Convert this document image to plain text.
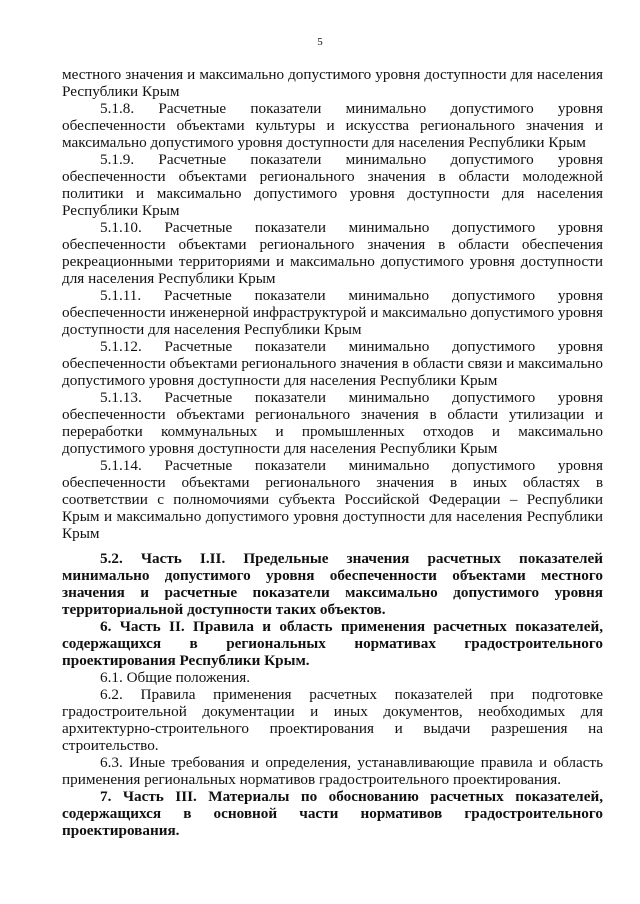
5

местного значения и максимально допустимого уровня доступности для населения Республики Крым

5.1.8. Расчетные показатели минимально допустимого уровня обеспеченности объектами культуры и искусства регионального значения и максимально допустимого уровня доступности для населения Республики Крым

5.1.9. Расчетные показатели минимально допустимого уровня обеспеченности объектами регионального значения в области молодежной политики и максимально допустимого уровня доступности для населения Республики Крым

5.1.10. Расчетные показатели минимально допустимого уровня обеспеченности объектами регионального значения в области обеспечения рекреационными территориями и максимально допустимого уровня доступности для населения Республики Крым

5.1.11. Расчетные показатели минимально допустимого уровня обеспеченности инженерной инфраструктурой и максимально допустимого уровня доступности для населения Республики Крым

5.1.12. Расчетные показатели минимально допустимого уровня обеспеченности объектами регионального значения в области связи и максимально допустимого уровня доступности для населения Республики Крым

5.1.13. Расчетные показатели минимально допустимого уровня обеспеченности объектами регионального значения в области утилизации и переработки коммунальных и промышленных отходов и максимально допустимого уровня доступности для населения Республики Крым

5.1.14. Расчетные показатели минимально допустимого уровня обеспеченности объектами регионального значения в иных областях в соответствии с полномочиями субъекта Российской Федерации – Республики Крым и максимально допустимого уровня доступности для населения Республики Крым

5.2. Часть I.II. Предельные значения расчетных показателей минимально допустимого уровня обеспеченности объектами местного значения и расчетные показатели максимально допустимого уровня территориальной доступности таких объектов.

6. Часть II. Правила и область применения расчетных показателей, содержащихся в региональных нормативах градостроительного проектирования Республики Крым.

6.1. Общие положения.

6.2. Правила применения расчетных показателей при подготовке градостроительной документации и иных документов, необходимых для архитектурно-строительного проектирования и выдачи разрешения на строительство.

6.3. Иные требования и определения, устанавливающие правила и область применения региональных нормативов градостроительного проектирования.

7. Часть III. Материалы по обоснованию расчетных показателей, содержащихся в основной части нормативов градостроительного проектирования.
